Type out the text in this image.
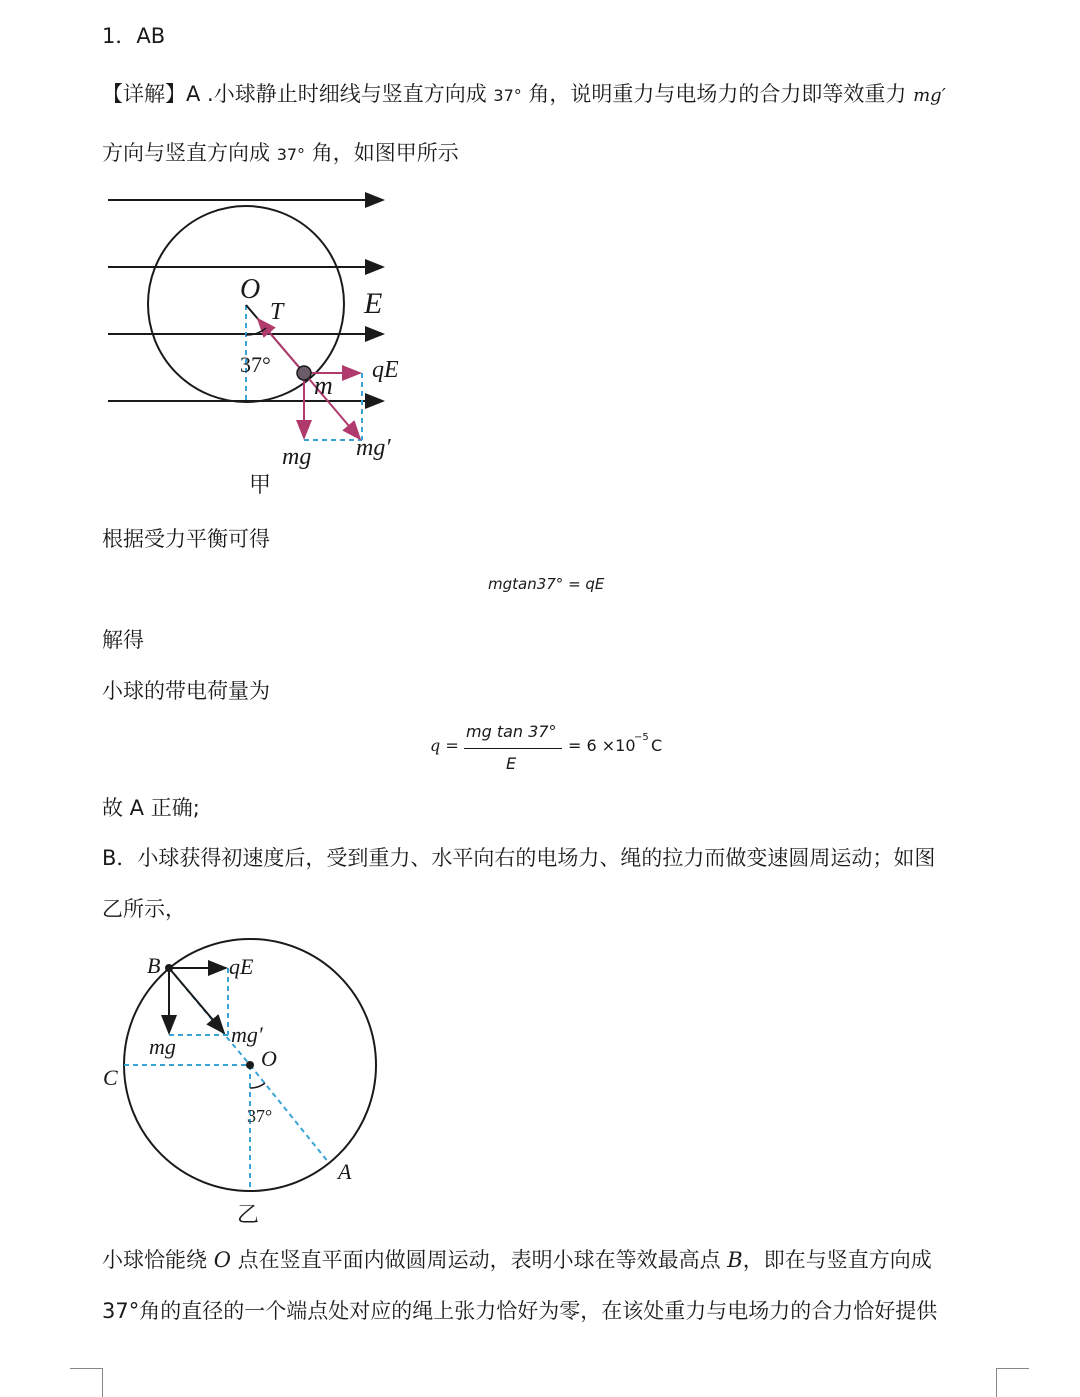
1．AB
【详解】A .小球静止时细线与竖直方向成 37° 角，说明重力与电场力的合力即等效重力 mg′
方向与竖直方向成 37° 角，如图甲所示
O
T	E
37°
m
qE
mg mg′
甲
根据受力平衡可得
mgtan37° = qE
解得
小球的带电荷量为
q =
mg tan 37°
E
= 6 ×10
−5 C
故 A 正确;
B．小球获得初速度后，受到重力、水平向右的电场力、绳的拉力而做变速圆周运动；如图
乙所示，
B	qE
mg	mg′
O
C
37°
A
乙
小球恰能绕 O 点在竖直平面内做圆周运动，表明小球在等效最高点 B，即在与竖直方向成
37°角的直径的一个端点处对应的绳上张力恰好为零，在该处重力与电场力的合力恰好提供
